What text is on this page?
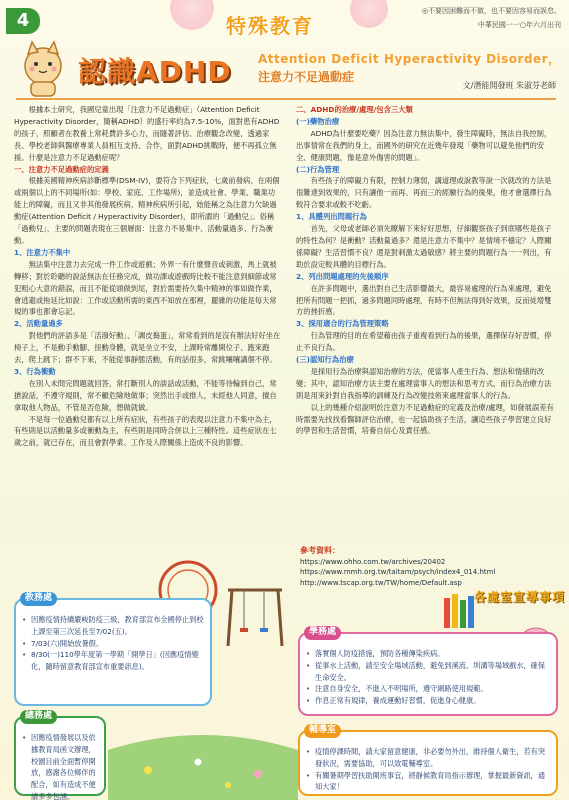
4	特殊教育
◎不要因困難而不做，也不要因容易而誤怠。
中華民國一一○年六月出刊
認識ADHD Attention Deficit Hyperactivity Disorder，
注意力不足過動症
文/潛能開發班 朱淑芬老師

根據本土研究，我國兒童出現「注意力不足過動症」（Attention Deficit Hyperactivity Disorder，簡稱ADHD）的盛行率約為7.5-10%，面對患有ADHD的孩子，照顧者在教養上常耗費許多心力，而隨著評估、治療觀念改變，透過家長、學校老師與醫療專業人員相互支持、合作，面對ADHD挑戰時，便不再孤立無援。什麼是注意力不足過動症呢？

一、注意力不足過動症的定義

根據美國精神疾病診斷標準(DSM-IV)，要符合下列症狀，七歲前發病、在兩個或兩個以上的不同場所(如：學校、家庭、工作場所)，並造成社會、學業、職業功能上的障礙，而且又非其他發展疾病、精神疾病所引起，始能稱之為注意力欠缺過動症(Attention Deficit / Hyperactivity Disorder)，即所謂的「過動兒」。俗稱「過動兒」，主要的問題表現在三個層面：注意力不易集中、活動量過多、行為衝動。

1、注意力不集中

無法集中注意力去完成一件工作或遊戲；外界一有什麼聲音或刺激，馬上就被轉移；對於聆聽的說話無法在任務完成，做功課或遊戲時比較不能注意到細節或常犯粗心大意的錯誤，而且不能從頭做到尾，對於需要持久集中精神的事如做作業，會逃避或拖延比如說：工作或活動所需的東西不知放在那裡，麗雜的功能是每天常規的事也都會忘記。

2、活動量過多

對他們的評語多是「活潑好動」、「調皮搗蛋」，常常看到的是沒有辦法好好坐在椅子上，不是動手動腳、扭動身體，就是坐立不安，上課時常離開位子、跑來跑去，爬上跳下；群不下來，不能從事靜態活動，有的話很多，常跳嚷嚷講個不停。

3、行為衝動

在別人未問完問題就回答，常打斷別人的談話或活動，不能等待輪到自己，常搶說話，不遵守規則，常不顧危險地做事；突然出手或推人，未經他人同意，擅自拿取他人物品，不管是否危險，想做就做。

不是每一位過動兒都有以上所有症狀，有些孩子的表現以注意力不集中為主，有些則是以活動量多或衝動為主，有些則是同時合併以上三種特性。這些症狀在七歲之前，就已存在，而且會對學業、工作及人際關係上造成不良的影響。

二、ADHD的治療/處理/包含三大類
(一)藥物治療

ADHD為什麼要吃藥？因為注意力無法集中，發生障礙時，無法自我控制，出事情常在我們的身上，而國外的研究在近幾年發現「藥物可以避免他們的安全、健康問題，像是意外傷害的問題」。

(二)行為管理

有些孩子的障礙力有限，控制力薄弱，講道理或說教等說一次就改的方法是很難達到效果的，只有讓他一而再、再而三的經驗行為的後果，他才會選擇行為較符合要求或較不吃虧。

1、具體列出問題行為

首先，父母或老師必須先瞭解下來好好思想，仔細觀察孩子到底哪些是孩子的特性為何？是衝動？活動量過多？還是注意力不集中？是情境不穩定？人際關係障礙？生活習慣不良？還是對刺激太過敏感？將主要的問題行為一一列出，有助於設定較具體的目標行為。

2、列出問題處理的先後順序

在許多問題中，選出對自己生活影響最大，最容易處理的行為來處理，避免把所有問題一把抓，過多問題同時處理，有時不但無法得到好效果，反而徒增雙方的挫折感。

3、採用適合的行為管理策略

行為管理的目的在希望藉由孩子重複看到行為的後果，選擇保存好習慣，停止不良行為。

(三)認知行為治療

是採用行為治療與認知治療的方法，使當事人產生行為、想法和情緒的改變；其中，認知治療方法主要在處理當事人的想法和思考方式，而行為治療方法則是用來針對自我指導的訓練及行為改變技術來處理當事人的行為。

以上的幾種介紹說明於注意力不足過動症的定義及治療/處理，如發展誤差有時需要先找找看醫師評估治療，也一起協助孩子生活，讓這些孩子學習建立良好的學習和生活習慣，培養自信心及責任感。

參考資料：
https://www.ohho.com.tw/archives/20402
https://www.mmh.org.tw/taitam/psych/index4_014.html
http://www.tscap.org.tw/TW/home/Default.asp
各處室宣導事項
教務處
• 因應疫情持續嚴峻防疫三級，教育部宣布全國停止到校上課至第三次延長至7/02(五)。
• 7/03(六)開始放暑假。
• 8/30(一)110學年度第一學期「開學日」(因應疫情變化，隨時留意教育部宣布重要訊息)。
總務處
• 因應疫情發展以及依據教育局函文辦理，校園目前全面暫停開放，感謝各位鄉伴的配合，如有造成不便請多多包涵。
學務處
• 落實個人防疫措施，預防各種傳染疾病。
• 從事水上活動，請至安全場域活動，避免到溪流、圳溝等場域戲水，確保生命安全。
• 注意自身安全，不進入不明場所，遵守網路使用規範。
• 作息正常有規律，養成運動好習慣，促進身心健康。
輔導室
• 疫情停課時間，請大家留意健康，非必要勿外出，維持個人衛生，若有突發狀況，需要協助，可以致電輔導室。
• 有關暑期學習扶助開班事宜，將靜候教育局指示辦理，掌握最新資訊，通知大家！
